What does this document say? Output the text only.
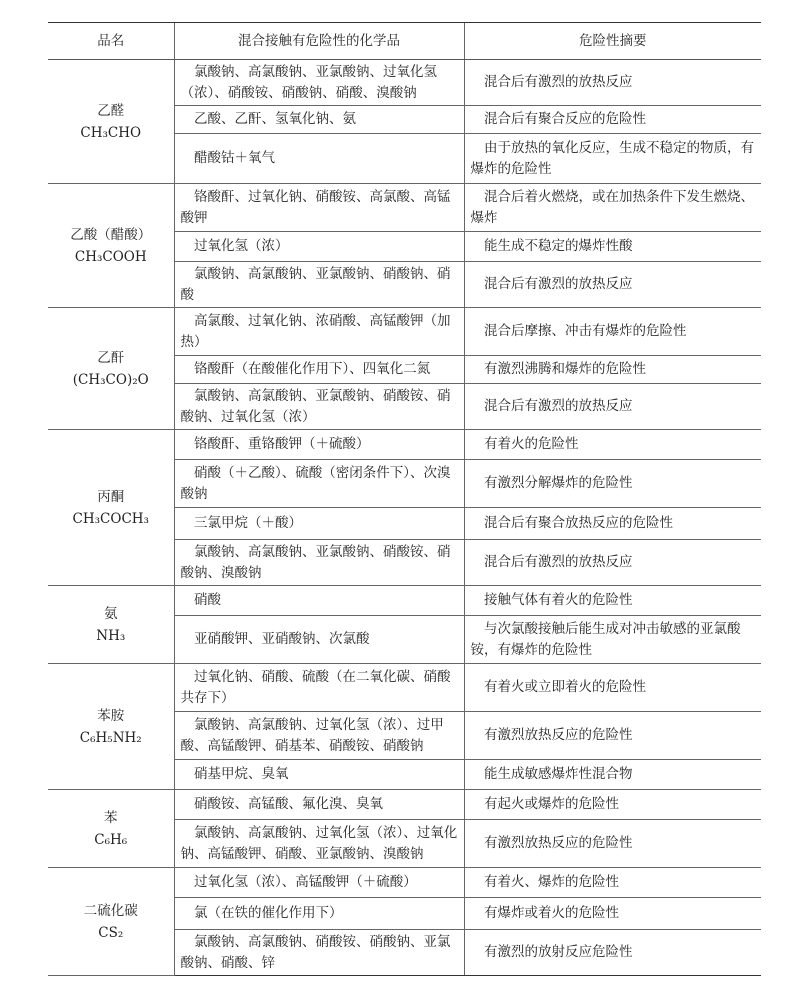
品名	混合接触有危险性的化学品	危险性摘要

乙醛
CH₃CHO	氯酸钠、高氯酸钠、亚氯酸钠、过氧化氢（浓）、硝酸铵、硝酸钠、硝酸、溴酸钠	混合后有激烈的放热反应
	乙酸、乙酐、氢氧化钠、氨	混合后有聚合反应的危险性
	醋酸钴＋氧气	由于放热的氧化反应，生成不稳定的物质，有爆炸的危险性

乙酸（醋酸）
CH₃COOH	铬酸酐、过氧化钠、硝酸铵、高氯酸、高锰酸钾	混合后着火燃烧，或在加热条件下发生燃烧、爆炸
	过氧化氢（浓）	能生成不稳定的爆炸性酸
	氯酸钠、高氯酸钠、亚氯酸钠、硝酸钠、硝酸	混合后有激烈的放热反应

乙酐
(CH₃CO)₂O	高氯酸、过氧化钠、浓硝酸、高锰酸钾（加热）	混合后摩擦、冲击有爆炸的危险性
	铬酸酐（在酸催化作用下）、四氧化二氮	有激烈沸腾和爆炸的危险性
	氯酸钠、高氯酸钠、亚氯酸钠、硝酸铵、硝酸钠、过氧化氢（浓）	混合后有激烈的放热反应

丙酮
CH₃COCH₃	铬酸酐、重铬酸钾（＋硫酸）	有着火的危险性
	硝酸（＋乙酸）、硫酸（密闭条件下）、次溴酸钠	有激烈分解爆炸的危险性
	三氯甲烷（＋酸）	混合后有聚合放热反应的危险性
	氯酸钠、高氯酸钠、亚氯酸钠、硝酸铵、硝酸钠、溴酸钠	混合后有激烈的放热反应

氨
NH₃	硝酸	接触气体有着火的危险性
	亚硝酸钾、亚硝酸钠、次氯酸	与次氯酸接触后能生成对冲击敏感的亚氯酸铵，有爆炸的危险性

苯胺
C₆H₅NH₂	过氧化钠、硝酸、硫酸（在二氧化碳、硝酸共存下）	有着火或立即着火的危险性
	氯酸钠、高氯酸钠、过氧化氢（浓）、过甲酸、高锰酸钾、硝基苯、硝酸铵、硝酸钠	有激烈放热反应的危险性
	硝基甲烷、臭氧	能生成敏感爆炸性混合物

苯
C₆H₆	硝酸铵、高锰酸、氟化溴、臭氧	有起火或爆炸的危险性
	氯酸钠、高氯酸钠、过氧化氢（浓）、过氧化钠、高锰酸钾、硝酸、亚氯酸钠、溴酸钠	有激烈放热反应的危险性

二硫化碳
CS₂	过氧化氢（浓）、高锰酸钾（＋硫酸）	有着火、爆炸的危险性
	氯（在铁的催化作用下）	有爆炸或着火的危险性
	氯酸钠、高氯酸钠、硝酸铵、硝酸钠、亚氯酸钠、硝酸、锌	有激烈的放射反应危险性
